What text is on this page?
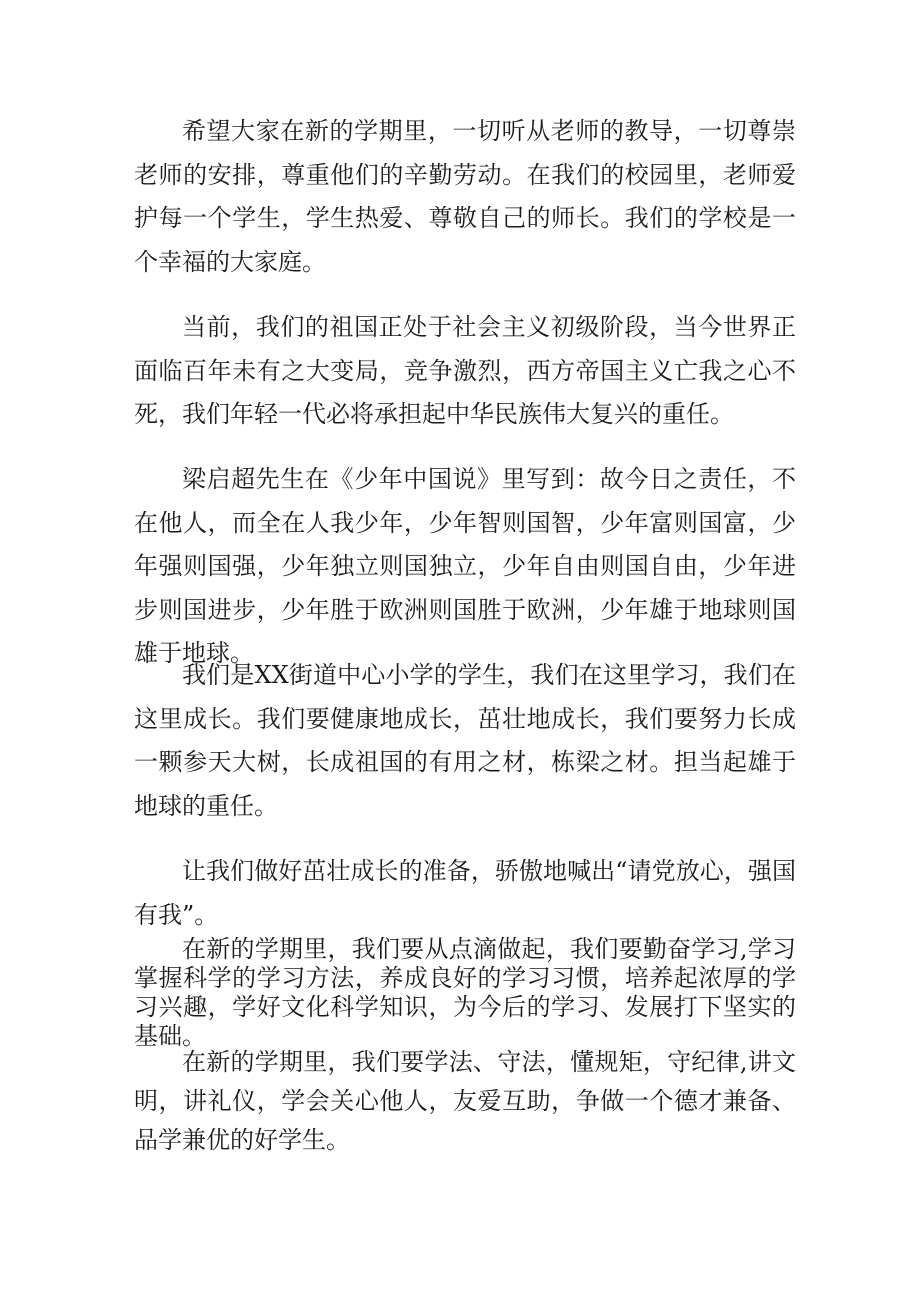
希望大家在新的学期里，一切听从老师的教导，一切尊崇老师的安排，尊重他们的辛勤劳动。在我们的校园里，老师爱护每一个学生，学生热爱、尊敬自己的师长。我们的学校是一个幸福的大家庭。

当前，我们的祖国正处于社会主义初级阶段，当今世界正面临百年未有之大变局，竞争激烈，西方帝国主义亡我之心不死，我们年轻一代必将承担起中华民族伟大复兴的重任。

梁启超先生在《少年中国说》里写到：故今日之责任，不在他人，而全在人我少年，少年智则国智，少年富则国富，少年强则国强，少年独立则国独立，少年自由则国自由，少年进步则国进步，少年胜于欧洲则国胜于欧洲，少年雄于地球则国雄于地球。

我们是XX街道中心小学的学生，我们在这里学习，我们在这里成长。我们要健康地成长，茁壮地成长，我们要努力长成一颗参天大树，长成祖国的有用之材，栋梁之材。担当起雄于地球的重任。

让我们做好茁壮成长的准备，骄傲地喊出“请党放心，强国有我”。

在新的学期里，我们要从点滴做起，我们要勤奋学习,学习掌握科学的学习方法，养成良好的学习习惯，培养起浓厚的学习兴趣，学好文化科学知识，为今后的学习、发展打下坚实的基础。

在新的学期里，我们要学法、守法，懂规矩，守纪律,讲文明，讲礼仪，学会关心他人，友爱互助，争做一个德才兼备、品学兼优的好学生。
